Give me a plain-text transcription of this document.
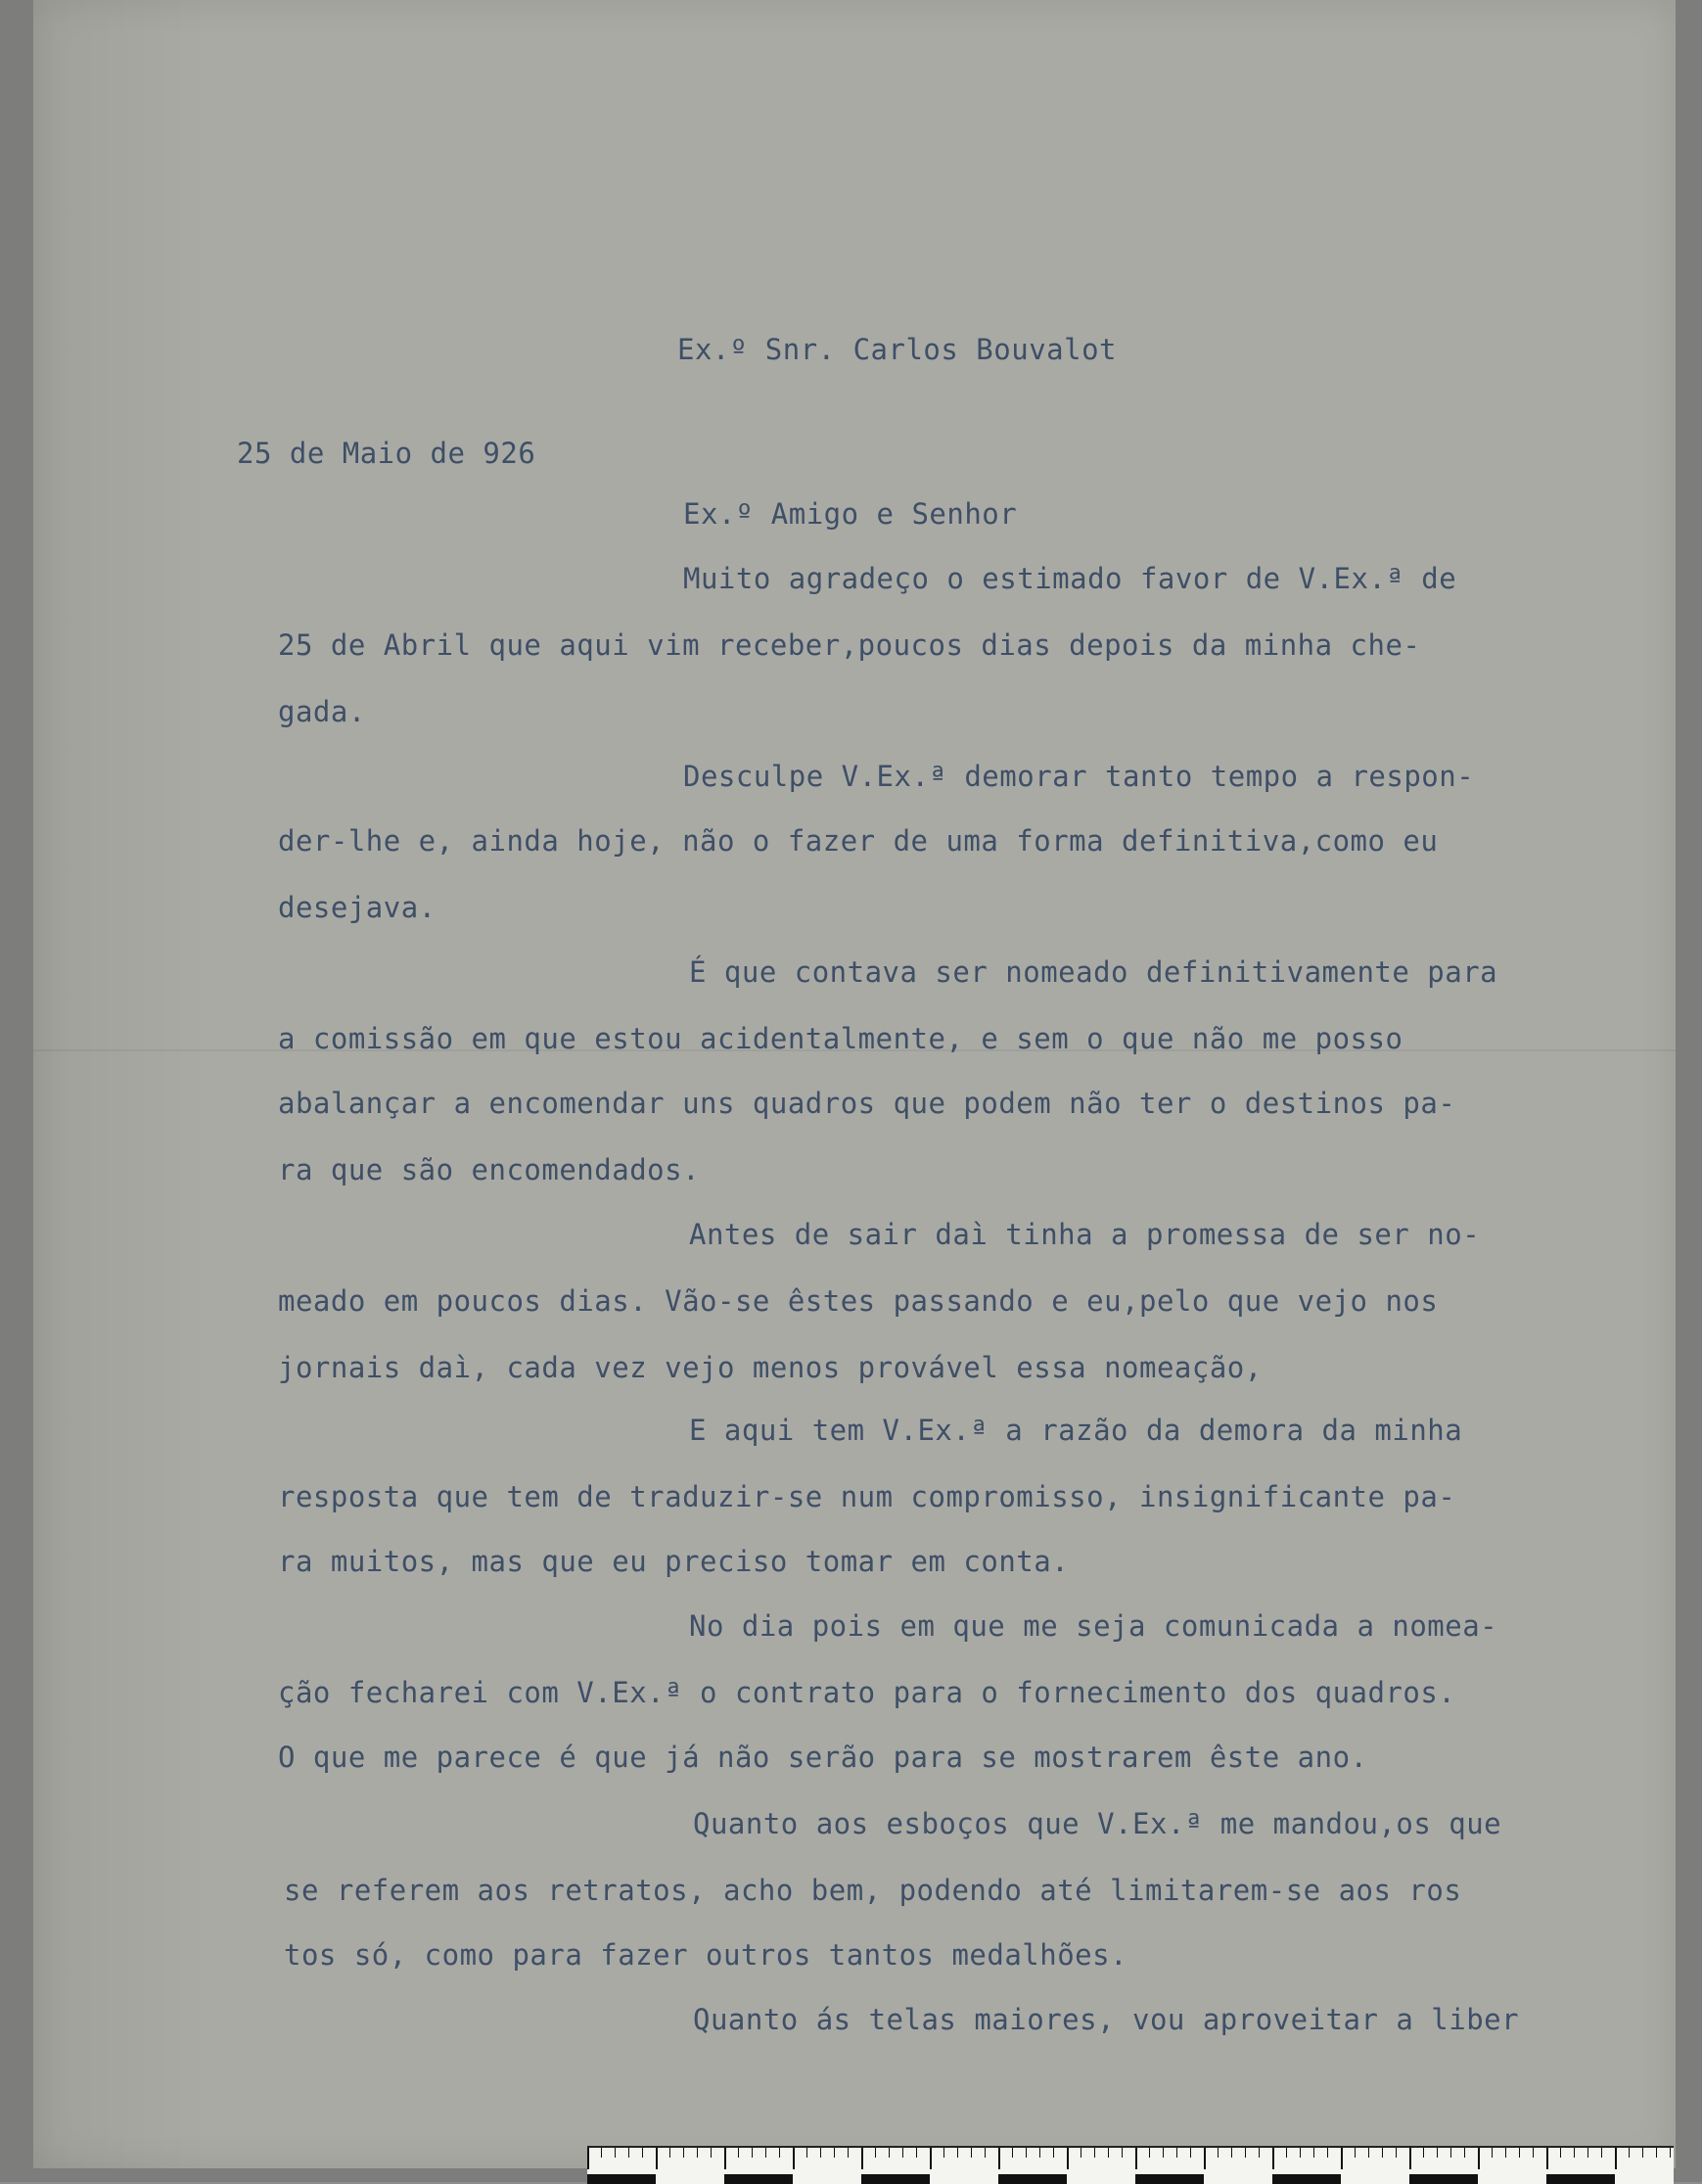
Ex.º Snr. Carlos Bouvalot

25 de Maio de 926

Ex.º Amigo e Senhor

Muito agradeço o estimado favor de V.Ex.ª de

25 de Abril que aqui vim receber,poucos dias depois da minha che-

gada.

Desculpe V.Ex.ª demorar tanto tempo a respon-

der-lhe e, ainda hoje, não o fazer de uma forma definitiva,como eu

desejava.

É que contava ser nomeado definitivamente para

a comissão em que estou acidentalmente, e sem o que não me posso

abalançar a encomendar uns quadros que podem não ter o destinos pa-

ra que são encomendados.

Antes de sair daì tinha a promessa de ser no-

meado em poucos dias. Vão-se êstes passando e eu,pelo que vejo nos

jornais daì, cada vez vejo menos provável essa nomeação,

E aqui tem V.Ex.ª a razão da demora da minha

resposta que tem de traduzir-se num compromisso, insignificante pa-

ra muitos, mas que eu preciso tomar em conta.

No dia pois em que me seja comunicada a nomea-

ção fecharei com V.Ex.ª o contrato para o fornecimento dos quadros.

O que me parece é que já não serão para se mostrarem êste ano.

Quanto aos esboços que V.Ex.ª me mandou,os que

se referem aos retratos, acho bem, podendo até limitarem-se aos ros

tos só, como para fazer outros tantos medalhões.

Quanto ás telas maiores, vou aproveitar a liber
